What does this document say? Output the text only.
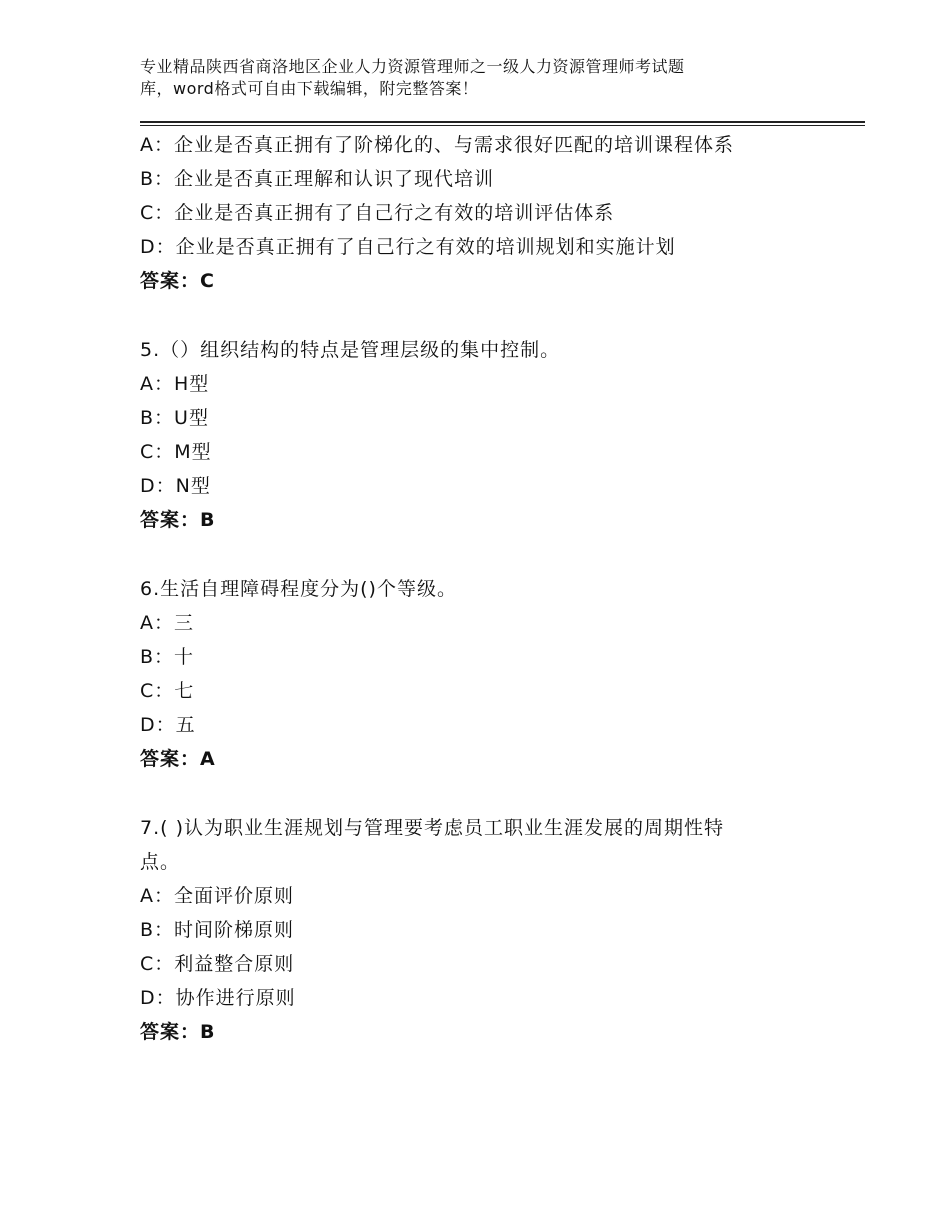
专业精品陕西省商洛地区企业人力资源管理师之一级人力资源管理师考试题
库，word格式可自由下载编辑，附完整答案！
A：企业是否真正拥有了阶梯化的、与需求很好匹配的培训课程体系
B：企业是否真正理解和认识了现代培训
C：企业是否真正拥有了自己行之有效的培训评估体系
D：企业是否真正拥有了自己行之有效的培训规划和实施计划
答案：C
5.（）组织结构的特点是管理层级的集中控制。
A：H型
B：U型
C：M型
D：N型
答案：B
6.生活自理障碍程度分为()个等级。
A：三
B：十
C：七
D：五
答案：A
7.( )认为职业生涯规划与管理要考虑员工职业生涯发展的周期性特
点。
A：全面评价原则
B：时间阶梯原则
C：利益整合原则
D：协作进行原则
答案：B
